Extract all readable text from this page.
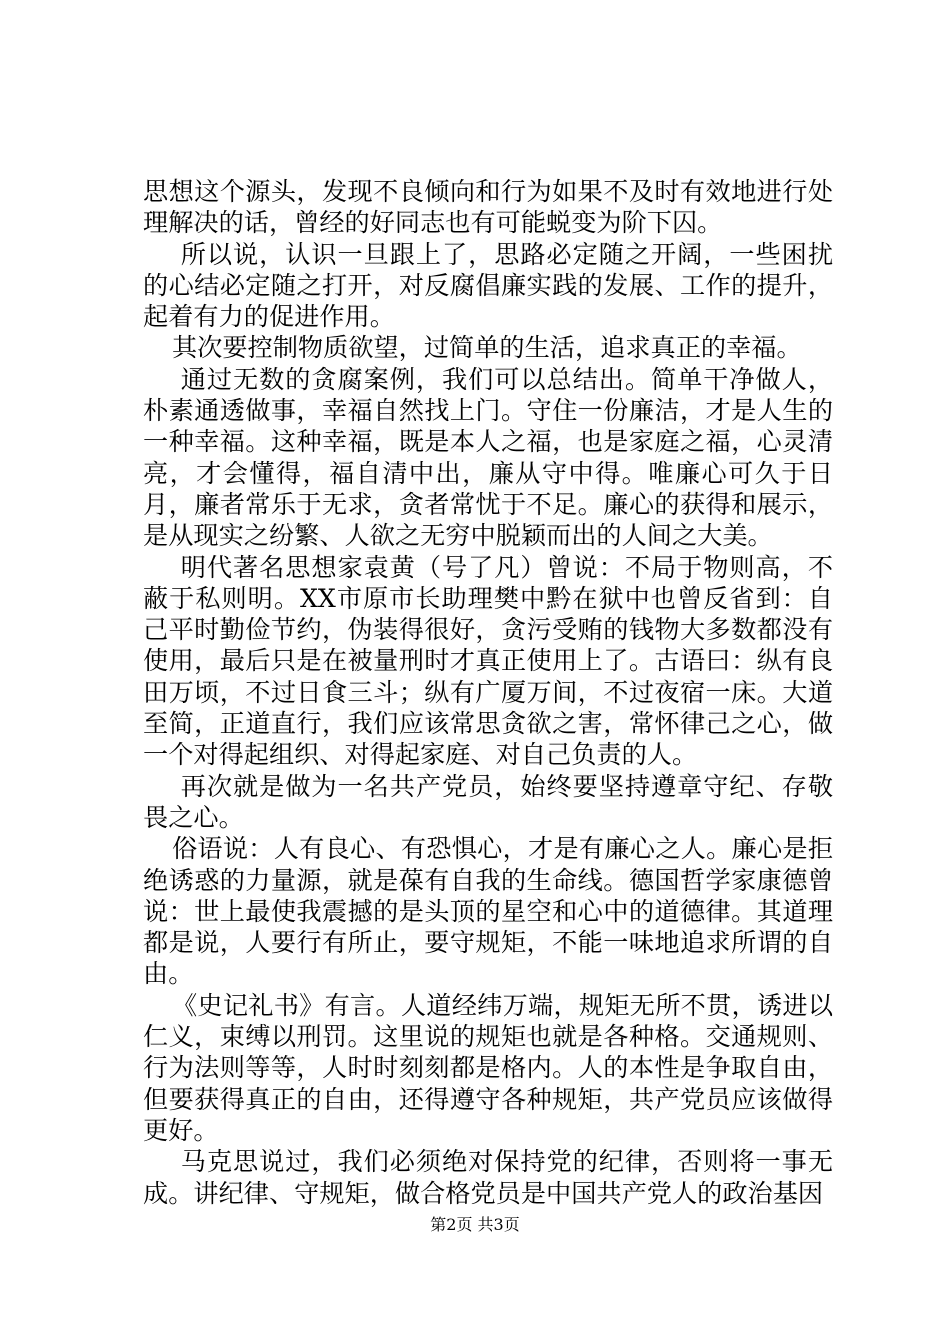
思想这个源头，发现不良倾向和行为如果不及时有效地进行处理解决的话，曾经的好同志也有可能蜕变为阶下囚。

所以说，认识一旦跟上了，思路必定随之开阔，一些困扰的心结必定随之打开，对反腐倡廉实践的发展、工作的提升，起着有力的促进作用。

其次要控制物质欲望，过简单的生活，追求真正的幸福。

通过无数的贪腐案例，我们可以总结出。简单干净做人，朴素通透做事，幸福自然找上门。守住一份廉洁，才是人生的一种幸福。这种幸福，既是本人之福，也是家庭之福，心灵清亮，才会懂得，福自清中出，廉从守中得。唯廉心可久于日月，廉者常乐于无求，贪者常忧于不足。廉心的获得和展示，是从现实之纷繁、人欲之无穷中脱颖而出的人间之大美。

明代著名思想家袁黄（号了凡）曾说：不局于物则高，不蔽于私则明。XX市原市长助理樊中黔在狱中也曾反省到：自己平时勤俭节约，伪装得很好，贪污受贿的钱物大多数都没有使用，最后只是在被量刑时才真正使用上了。古语曰：纵有良田万顷，不过日食三斗；纵有广厦万间，不过夜宿一床。大道至简，正道直行，我们应该常思贪欲之害，常怀律己之心，做一个对得起组织、对得起家庭、对自己负责的人。

再次就是做为一名共产党员，始终要坚持遵章守纪、存敬畏之心。

俗语说：人有良心、有恐惧心，才是有廉心之人。廉心是拒绝诱惑的力量源，就是葆有自我的生命线。德国哲学家康德曾说：世上最使我震撼的是头顶的星空和心中的道德律。其道理都是说，人要行有所止，要守规矩，不能一味地追求所谓的自由。

《史记礼书》有言。人道经纬万端，规矩无所不贯，诱进以仁义，束缚以刑罚。这里说的规矩也就是各种格。交通规则、行为法则等等，人时时刻刻都是格内。人的本性是争取自由，但要获得真正的自由，还得遵守各种规矩，共产党员应该做得更好。

马克思说过，我们必须绝对保持党的纪律，否则将一事无成。讲纪律、守规矩，做合格党员是中国共产党人的政治基因

第2页 共3页
